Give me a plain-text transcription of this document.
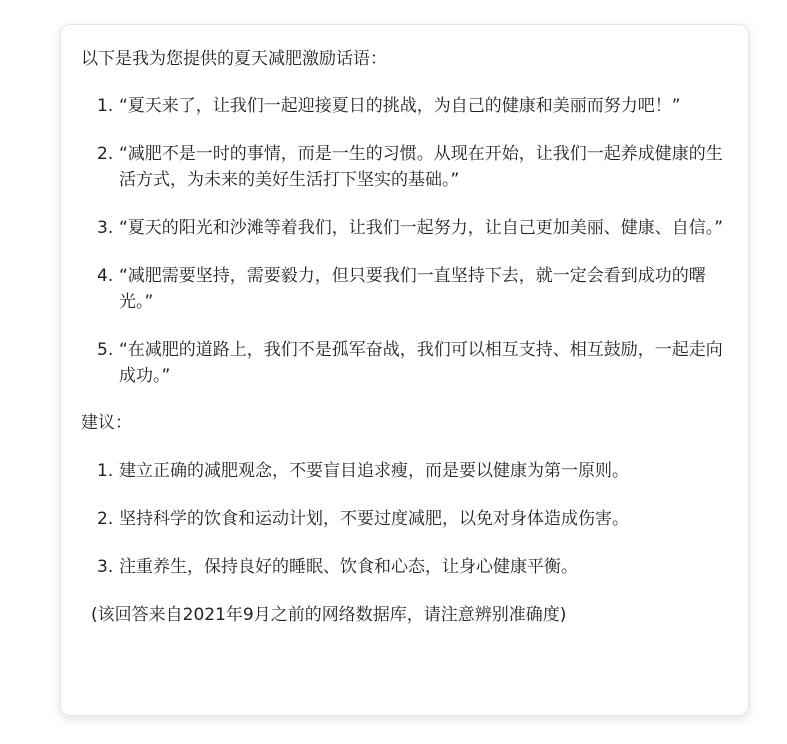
以下是我为您提供的夏天减肥激励话语：

1. “夏天来了，让我们一起迎接夏日的挑战，为自己的健康和美丽而努力吧！”
2. “减肥不是一时的事情，而是一生的习惯。从现在开始，让我们一起养成健康的生活方式，为未来的美好生活打下坚实的基础。”
3. “夏天的阳光和沙滩等着我们，让我们一起努力，让自己更加美丽、健康、自信。”
4. “减肥需要坚持，需要毅力，但只要我们一直坚持下去，就一定会看到成功的曙光。”
5. “在减肥的道路上，我们不是孤军奋战，我们可以相互支持、相互鼓励，一起走向成功。”

建议：

1. 建立正确的减肥观念，不要盲目追求瘦，而是要以健康为第一原则。
2. 坚持科学的饮食和运动计划，不要过度减肥，以免对身体造成伤害。
3. 注重养生，保持良好的睡眠、饮食和心态，让身心健康平衡。

(该回答来自2021年9月之前的网络数据库，请注意辨别准确度)
